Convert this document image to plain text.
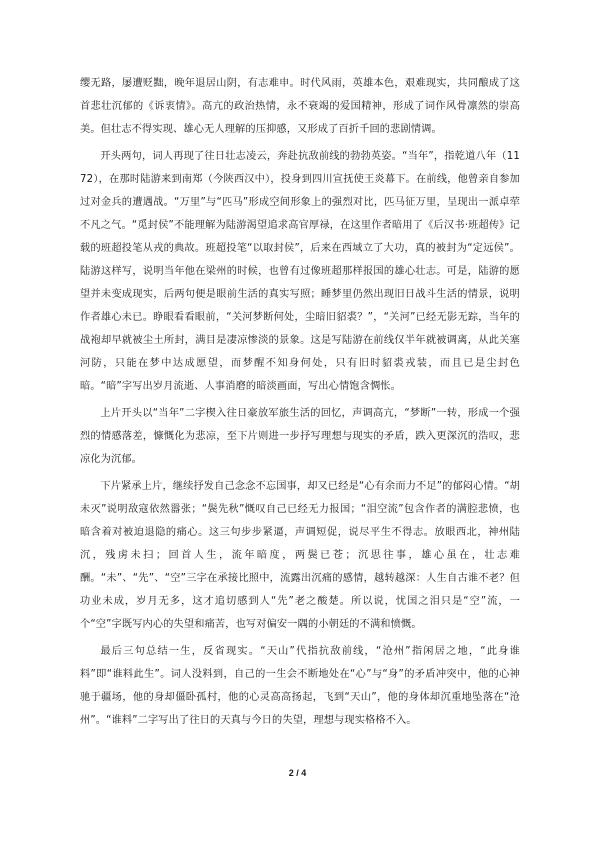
缨无路，屡遭贬黜，晚年退居山阴，有志难申。时代风雨，英雄本色，艰难现实，共同酿成了这首悲壮沉郁的《诉衷情》。高亢的政治热情，永不衰竭的爱国精神，形成了词作风骨凛然的崇高美。但壮志不得实现、雄心无人理解的压抑感，又形成了百折千回的悲剧情调。

开头两句，词人再现了往日壮志凌云，奔赴抗敌前线的勃勃英姿。“当年”，指乾道八年（1172），在那时陆游来到南郑（今陕西汉中），投身到四川宣抚使王炎幕下。在前线，他曾亲自参加过对金兵的遭遇战。“万里”与“匹马”形成空间形象上的强烈对比，匹马征万里，呈现出一派卓荦不凡之气。“觅封侯”不能理解为陆游渴望追求高官厚禄，在这里作者暗用了《后汉书·班超传》记载的班超投笔从戎的典故。班超投笔“以取封侯”，后来在西域立了大功，真的被封为“定远侯”。陆游这样写，说明当年他在梁州的时候，也曾有过像班超那样报国的雄心壮志。可是，陆游的愿望并未变成现实，后两句便是眼前生活的真实写照；睡梦里仍然出现旧日战斗生活的情景，说明作者雄心未已。睁眼看看眼前，“关河梦断何处，尘暗旧貂裘？”，“关河”已经无影无踪，当年的战袍却早就被尘土所封，满目是凄凉惨淡的景象。这是写陆游在前线仅半年就被调离，从此关塞河防，只能在梦中达成愿望，而梦醒不知身何处，只有旧时貂裘戎装，而且已是尘封色暗。“暗”字写出岁月流逝、人事消磨的暗淡画面，写出心情饱含惆怅。

上片开头以“当年”二字楔入往日豪放军旅生活的回忆，声调高亢，“梦断”一转，形成一个强烈的情感落差，慷慨化为悲凉，至下片则进一步抒写理想与现实的矛盾，跌入更深沉的浩叹，悲凉化为沉郁。

下片紧承上片，继续抒发自己念念不忘国事，却又已经是“心有余而力不足”的郁闷心情。“胡未灭”说明敌寇依然嚣张；“鬓先秋”慨叹自己已经无力报国；“泪空流”包含作者的满腔悲愤，也暗含着对被迫退隐的痛心。这三句步步紧逼，声调短促，说尽平生不得志。放眼西北，神州陆沉，残虏未扫；回首人生，流年暗度，两鬓已苍；沉思往事，雄心虽在，壮志难酬。“未”、“先”、“空”三字在承接比照中，流露出沉痛的感情，越转越深：人生自古谁不老？但功业未成，岁月无多，这才追切感到人“先”老之酸楚。所以说，忧国之泪只是“空”流，一个“空”字既写内心的失望和痛苦，也写对偏安一隅的小朝廷的不满和愤慨。

最后三句总结一生，反省现实。“天山”代指抗敌前线，“沧州”指闲居之地，“此身谁料”即“谁料此生”。词人没料到，自己的一生会不断地处在“心”与“身”的矛盾冲突中，他的心神驰于疆场，他的身却僵卧孤村，他的心灵高高扬起，飞到“天山”，他的身体却沉重地坠落在“沧州”。“谁料”二字写出了往日的天真与今日的失望，理想与现实格格不入。

2 / 4
